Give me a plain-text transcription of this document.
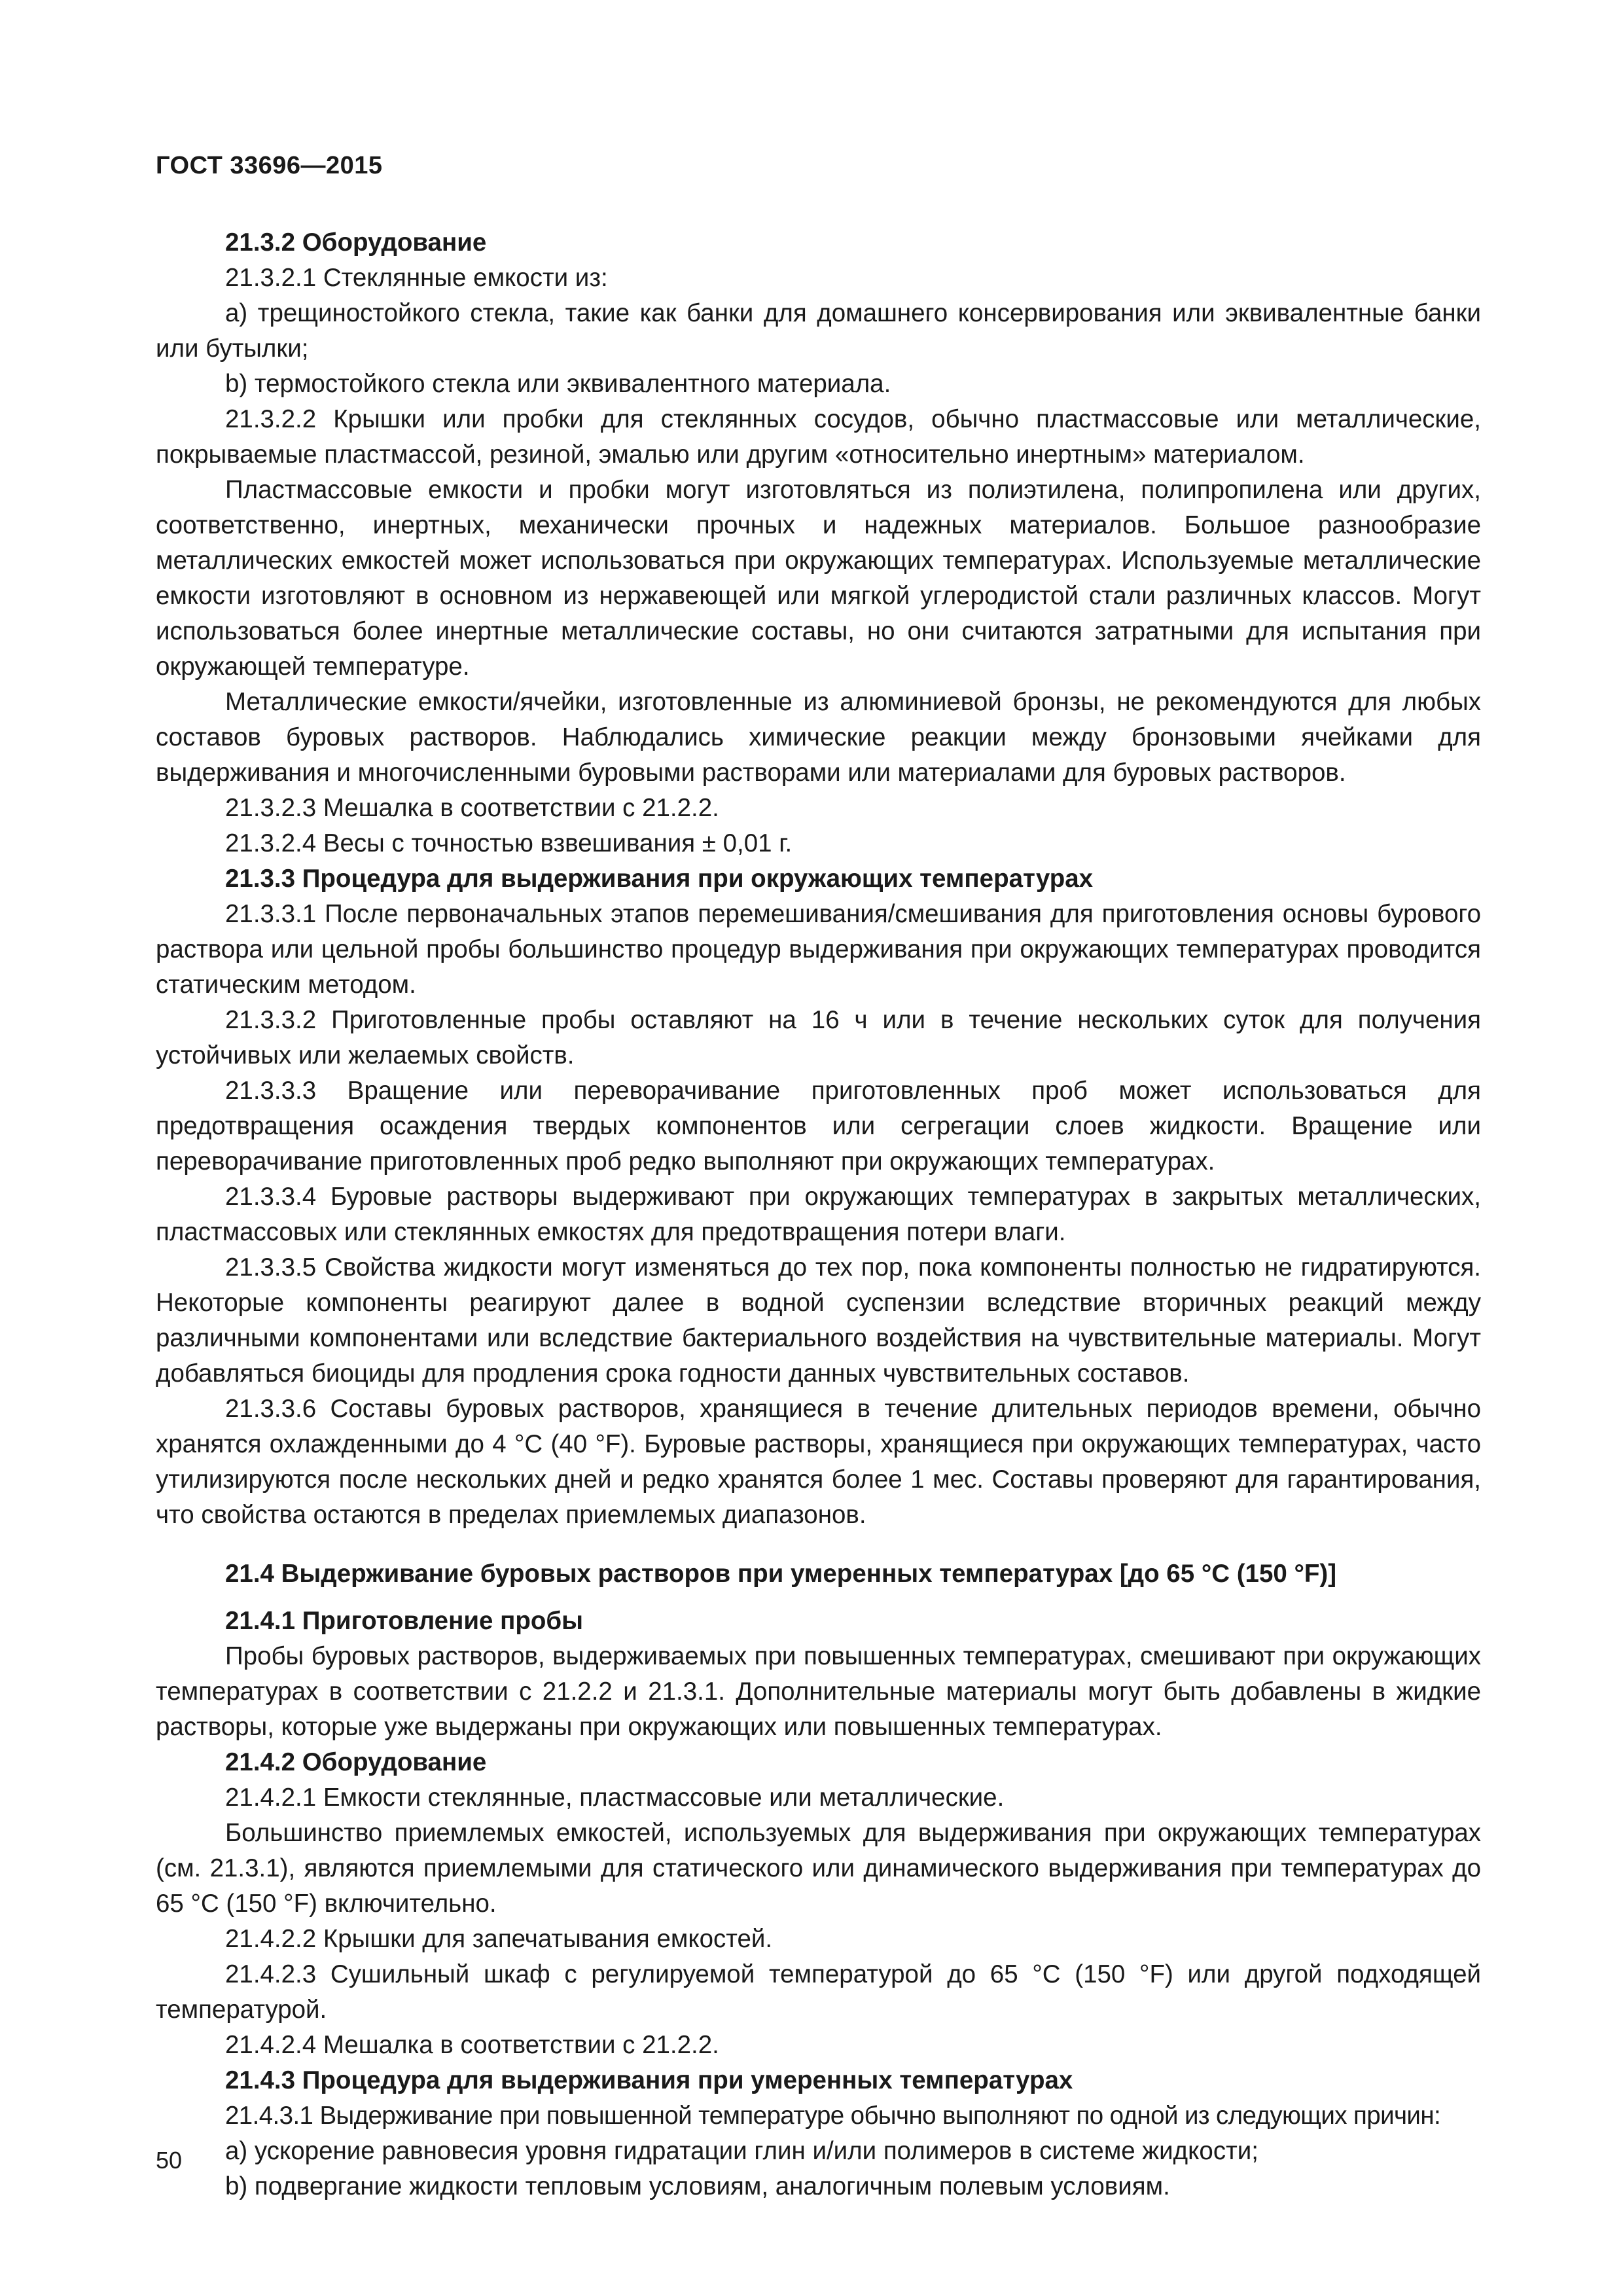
ГОСТ 33696—2015

21.3.2 Оборудование

21.3.2.1 Стеклянные емкости из:

a) трещиностойкого стекла, такие как банки для домашнего консервирования или эквивалентные банки или бутылки;

b) термостойкого стекла или эквивалентного материала.

21.3.2.2 Крышки или пробки для стеклянных сосудов, обычно пластмассовые или металлические, покрываемые пластмассой, резиной, эмалью или другим «относительно инертным» материалом.

Пластмассовые емкости и пробки могут изготовляться из полиэтилена, полипропилена или других, соответственно, инертных, механически прочных и надежных материалов. Большое разнообразие металлических емкостей может использоваться при окружающих температурах. Используемые металлические емкости изготовляют в основном из нержавеющей или мягкой углеродистой стали различных классов. Могут использоваться более инертные металлические составы, но они считаются затратными для испытания при окружающей температуре.

Металлические емкости/ячейки, изготовленные из алюминиевой бронзы, не рекомендуются для любых составов буровых растворов. Наблюдались химические реакции между бронзовыми ячейками для выдерживания и многочисленными буровыми растворами или материалами для буровых растворов.

21.3.2.3 Мешалка в соответствии с 21.2.2.

21.3.2.4 Весы с точностью взвешивания ± 0,01 г.

21.3.3 Процедура для выдерживания при окружающих температурах

21.3.3.1 После первоначальных этапов перемешивания/смешивания для приготовления основы бурового раствора или цельной пробы большинство процедур выдерживания при окружающих температурах проводится статическим методом.

21.3.3.2 Приготовленные пробы оставляют на 16 ч или в течение нескольких суток для получения устойчивых или желаемых свойств.

21.3.3.3 Вращение или переворачивание приготовленных проб может использоваться для предотвращения осаждения твердых компонентов или сегрегации слоев жидкости. Вращение или переворачивание приготовленных проб редко выполняют при окружающих температурах.

21.3.3.4 Буровые растворы выдерживают при окружающих температурах в закрытых металлических, пластмассовых или стеклянных емкостях для предотвращения потери влаги.

21.3.3.5 Свойства жидкости могут изменяться до тех пор, пока компоненты полностью не гидратируются. Некоторые компоненты реагируют далее в водной суспензии вследствие вторичных реакций между различными компонентами или вследствие бактериального воздействия на чувствительные материалы. Могут добавляться биоциды для продления срока годности данных чувствительных составов.

21.3.3.6 Составы буровых растворов, хранящиеся в течение длительных периодов времени, обычно хранятся охлажденными до 4 °С (40 °F). Буровые растворы, хранящиеся при окружающих температурах, часто утилизируются после нескольких дней и редко хранятся более 1 мес. Составы проверяют для гарантирования, что свойства остаются в пределах приемлемых диапазонов.

21.4 Выдерживание буровых растворов при умеренных температурах [до 65 °С (150 °F)]

21.4.1 Приготовление пробы

Пробы буровых растворов, выдерживаемых при повышенных температурах, смешивают при окружающих температурах в соответствии с 21.2.2 и 21.3.1. Дополнительные материалы могут быть добавлены в жидкие растворы, которые уже выдержаны при окружающих или повышенных температурах.

21.4.2 Оборудование

21.4.2.1 Емкости стеклянные, пластмассовые или металлические.

Большинство приемлемых емкостей, используемых для выдерживания при окружающих температурах (см. 21.3.1), являются приемлемыми для статического или динамического выдерживания при температурах до 65 °С (150 °F) включительно.

21.4.2.2 Крышки для запечатывания емкостей.

21.4.2.3 Сушильный шкаф с регулируемой температурой до 65 °С (150 °F) или другой подходящей температурой.

21.4.2.4 Мешалка в соответствии с 21.2.2.

21.4.3 Процедура для выдерживания при умеренных температурах

21.4.3.1 Выдерживание при повышенной температуре обычно выполняют по одной из следующих причин:

a) ускорение равновесия уровня гидратации глин и/или полимеров в системе жидкости;

b) подвергание жидкости тепловым условиям, аналогичным полевым условиям.

50
